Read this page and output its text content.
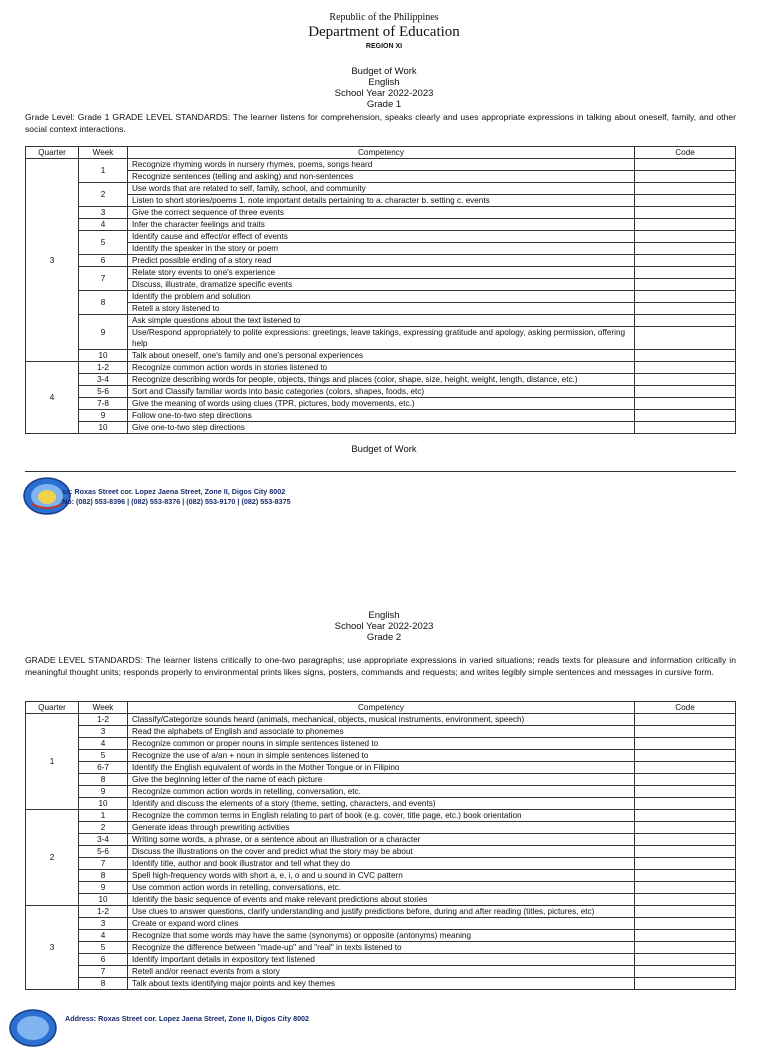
Republic of the Philippines
Department of Education
REGION XI
Budget of Work
English
School Year 2022-2023
Grade 1
Grade Level: Grade 1 GRADE LEVEL STANDARDS: The learner listens for comprehension, speaks clearly and uses appropriate expressions in talking about oneself, family, and other social context interactions.
Quarter	Week	Competency	Code
3	1	Recognize rhyming words in nursery rhymes, poems, songs heard	
		Recognize sentences (telling and asking) and non-sentences	
	2	Use words that are related to self, family, school, and community	
		Listen to short stories/poems 1. note important details pertaining to a. character b. setting c. events	
	3	Give the correct sequence of three events	
	4	Infer the character feelings and traits	
	5	Identify cause and effect/or effect of events	
		Identify the speaker in the story or poem	
	6	Predict possible ending of a story read	
	7	Relate story events to one's experience	
		Discuss, illustrate, dramatize specific events	
	8	Identify the problem and solution	
		Retell a story listened to	
	9	Ask simple questions about the text listened to	
		Use/Respond appropriately to polite expressions: greetings, leave takings, expressing gratitude and apology, asking permission, offering help	
	10	Talk about oneself, one's family and one's personal experiences	
4	1-2	Recognize common action words in stories listened to	
	3-4	Recognize describing words for people, objects, things and places (color, shape, size, height, weight, length, distance, etc.)	
	5-6	Sort and Classify familiar words into basic categories (colors, shapes, foods, etc)	
	7-8	Give the meaning of words using clues (TPR, pictures, body movements, etc.)	
	9	Follow one-to-two step directions	
	10	Give one-to-two step directions	
Budget of Work
ss: Roxas Street cor. Lopez Jaena Street, Zone II, Digos City 8002
No: (082) 553-8396 | (082) 553-8376 | (082) 553-9170 | (082) 553-8375
English
School Year 2022-2023
Grade 2
GRADE LEVEL STANDARDS: The learner listens critically to one-two paragraphs; use appropriate expressions in varied situations; reads texts for pleasure and information critically in meaningful thought units; responds properly to environmental prints likes signs, posters, commands and requests; and writes legibly simple sentences and messages in cursive form.
Quarter	Week	Competency	Code
1	1-2	Classify/Categorize sounds heard (animals, mechanical, objects, musical instruments, environment, speech)	
	3	Read the alphabets of English and associate to phonemes	
	4	Recognize common or proper nouns in simple sentences listened to	
	5	Recognize the use of a/an + noun in simple sentences listened to	
	6-7	Identify the English equivalent of words in the Mother Tongue or in Filipino	
	8	Give the beginning letter of the name of each picture	
	9	Recognize common action words in retelling, conversation, etc.	
	10	Identify and discuss the elements of a story (theme, setting, characters, and events)	
2	1	Recognize the common terms in English relating to part of book (e.g. cover, title page, etc.) book orientation	
	2	Generate ideas through prewriting activities	
	3-4	Writing some words, a phrase, or a sentence about an illustration or a character	
	5-6	Discuss the illustrations on the cover and predict what the story may be about	
	7	Identify title, author and book illustrator and tell what they do	
	8	Spell high-frequency words with short a, e, i, o and u sound in CVC pattern	
	9	Use common action words in retelling, conversations, etc.	
	10	Identify the basic sequence of events and make relevant predictions about stories	
3	1-2	Use clues to answer questions, clarify understanding and justify predictions before, during and after reading (titles, pictures, etc)	
	3	Create or expand word clines	
	4	Recognize that some words may have the same (synonyms) or opposite (antonyms) meaning	
	5	Recognize the difference between "made-up" and "real" in texts listened to	
	6	Identify important details in expository text listened	
	7	Retell and/or reenact events from a story	
	8	Talk about texts identifying major points and key themes	
Address: Roxas Street cor. Lopez Jaena Street, Zone II, Digos City 8002
